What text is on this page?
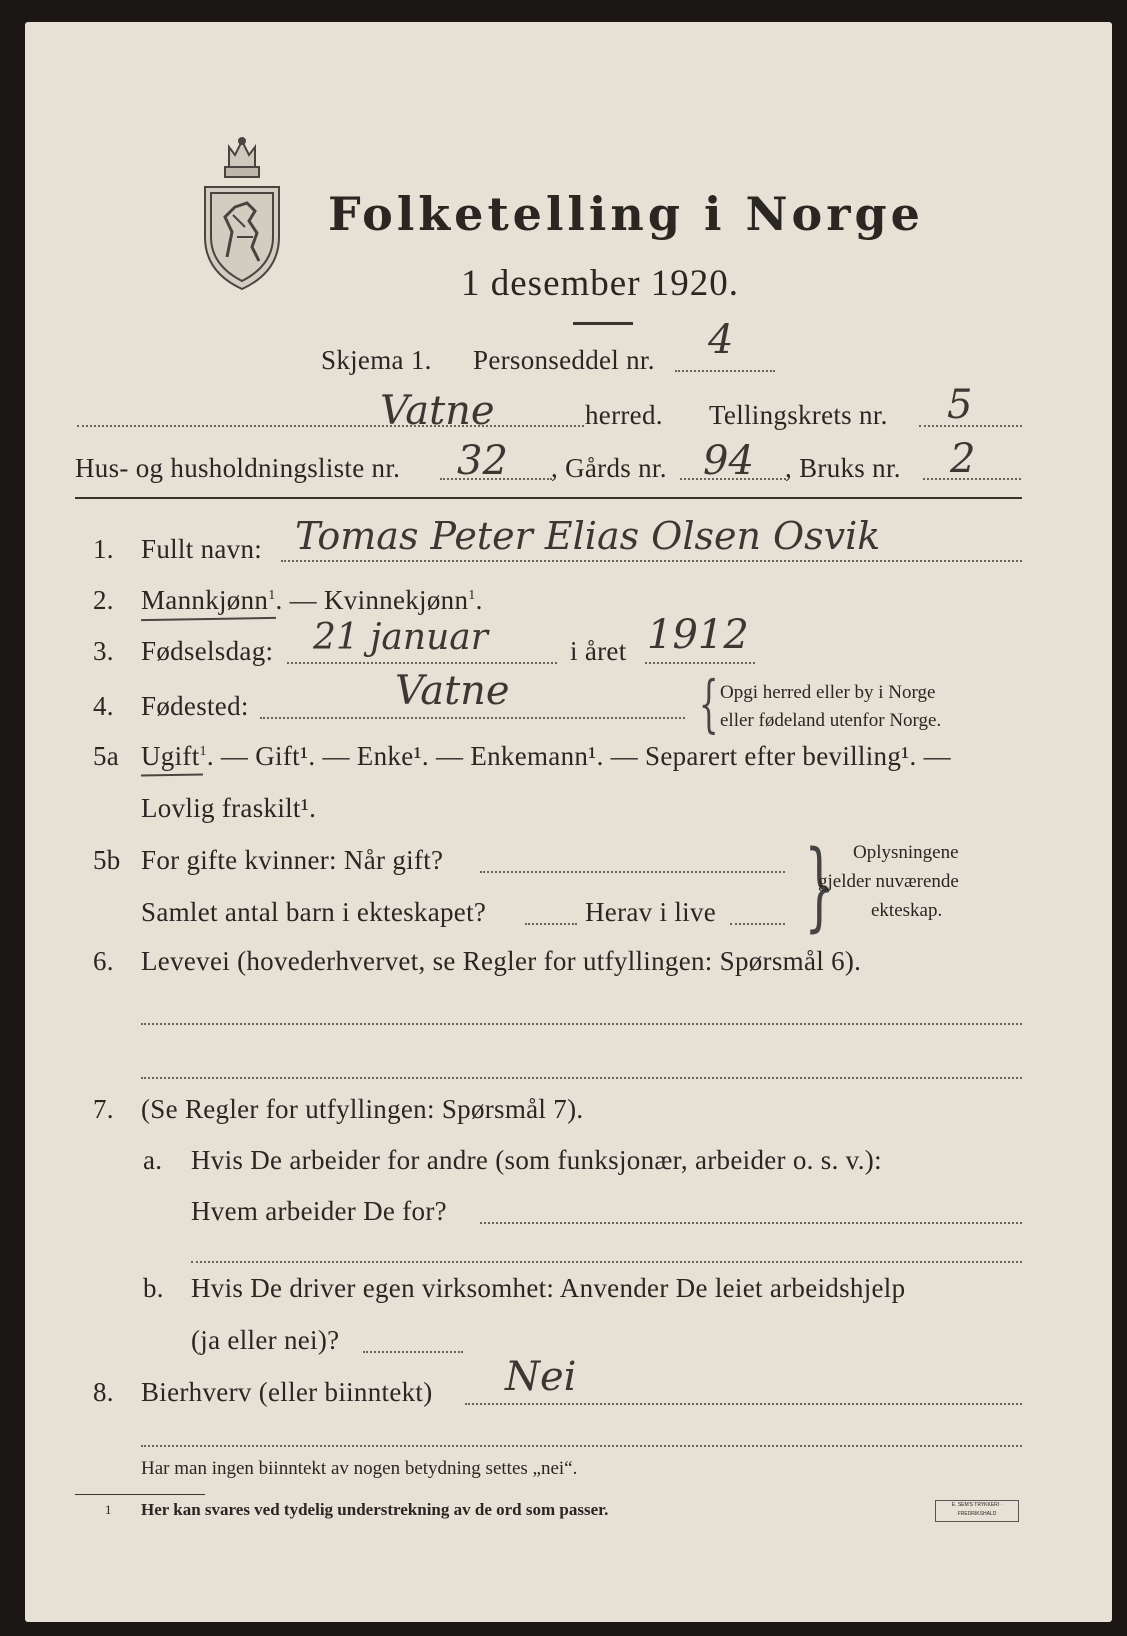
Folketelling i Norge
1 desember 1920.
Skjema 1. Personseddel nr. 4
Vatne	herred. Tellingskrets nr. 5
Hus- og husholdningsliste nr. 32 , Gårds nr. 94 , Bruks nr. 2
1. Fullt navn: Tomas Peter Elias Olsen Osvik
2. Mannkjønn$^1$. — Kvinnekjønn$^1$.
3. Fødselsdag: 21 januar	i året 1912
4. Fødested:	Vatne	{ Opgi herred eller by i Norge
eller fødeland utenfor Norge.
5a Ugift$^1$. — Gift¹. — Enke¹. — Enkemann¹. — Separert efter bevilling¹. —
Lovlig fraskilt¹.
5b For gifte kvinner: Når gift?
Samlet antal barn i ekteskapet?	Herav i live } Oplysningene
gjelder nuværende
ekteskap.
6. Levevei (hovederhvervet, se Regler for utfyllingen: Spørsmål 6).
7. (Se Regler for utfyllingen: Spørsmål 7).
a. Hvis De arbeider for andre (som funksjonær, arbeider o. s. v.):
Hvem arbeider De for?
b. Hvis De driver egen virksomhet: Anvender De leiet arbeidshjelp
(ja eller nei)?
8. Bierhverv (eller biinntekt) Nei
Har man ingen biinntekt av nogen betydning settes „nei“.
1 Her kan svares ved tydelig understrekning av de ord som passer.	E. SEM'S TRYKKERI · FREDRIKSHALD
